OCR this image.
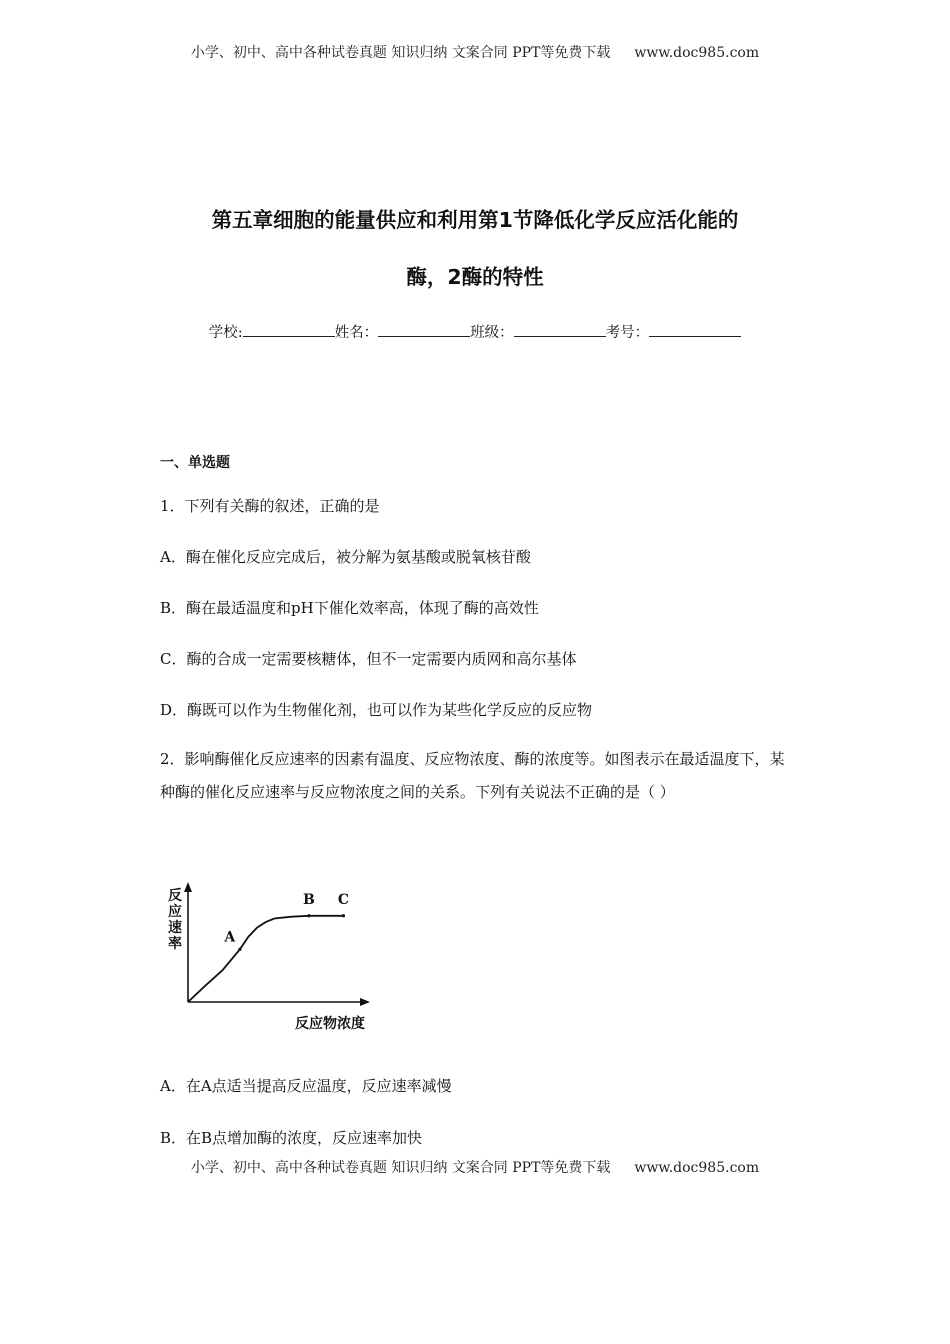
小学、初中、高中各种试卷真题 知识归纳 文案合同 PPT等免费下载 www.doc985.com
第五章细胞的能量供应和利用第1节降低化学反应活化能的
酶，2酶的特性
学校:	姓名：	班级：	考号：
一、单选题
1．下列有关酶的叙述，正确的是
A．酶在催化反应完成后，被分解为氨基酸或脱氧核苷酸
B．酶在最适温度和pH下催化效率高，体现了酶的高效性
C．酶的合成一定需要核糖体，但不一定需要内质网和高尔基体
D．酶既可以作为生物催化剂，也可以作为某些化学反应的反应物
2．影响酶催化反应速率的因素有温度、反应物浓度、酶的浓度等。如图表示在最适温度下，某种酶的催化反应速率与反应物浓度之间的关系。下列有关说法不正确的是（ ）
反
应
速
率
反应物浓度
A
B C
A．在A点适当提高反应温度，反应速率减慢
B．在B点增加酶的浓度，反应速率加快
小学、初中、高中各种试卷真题 知识归纳 文案合同 PPT等免费下载 www.doc985.com
